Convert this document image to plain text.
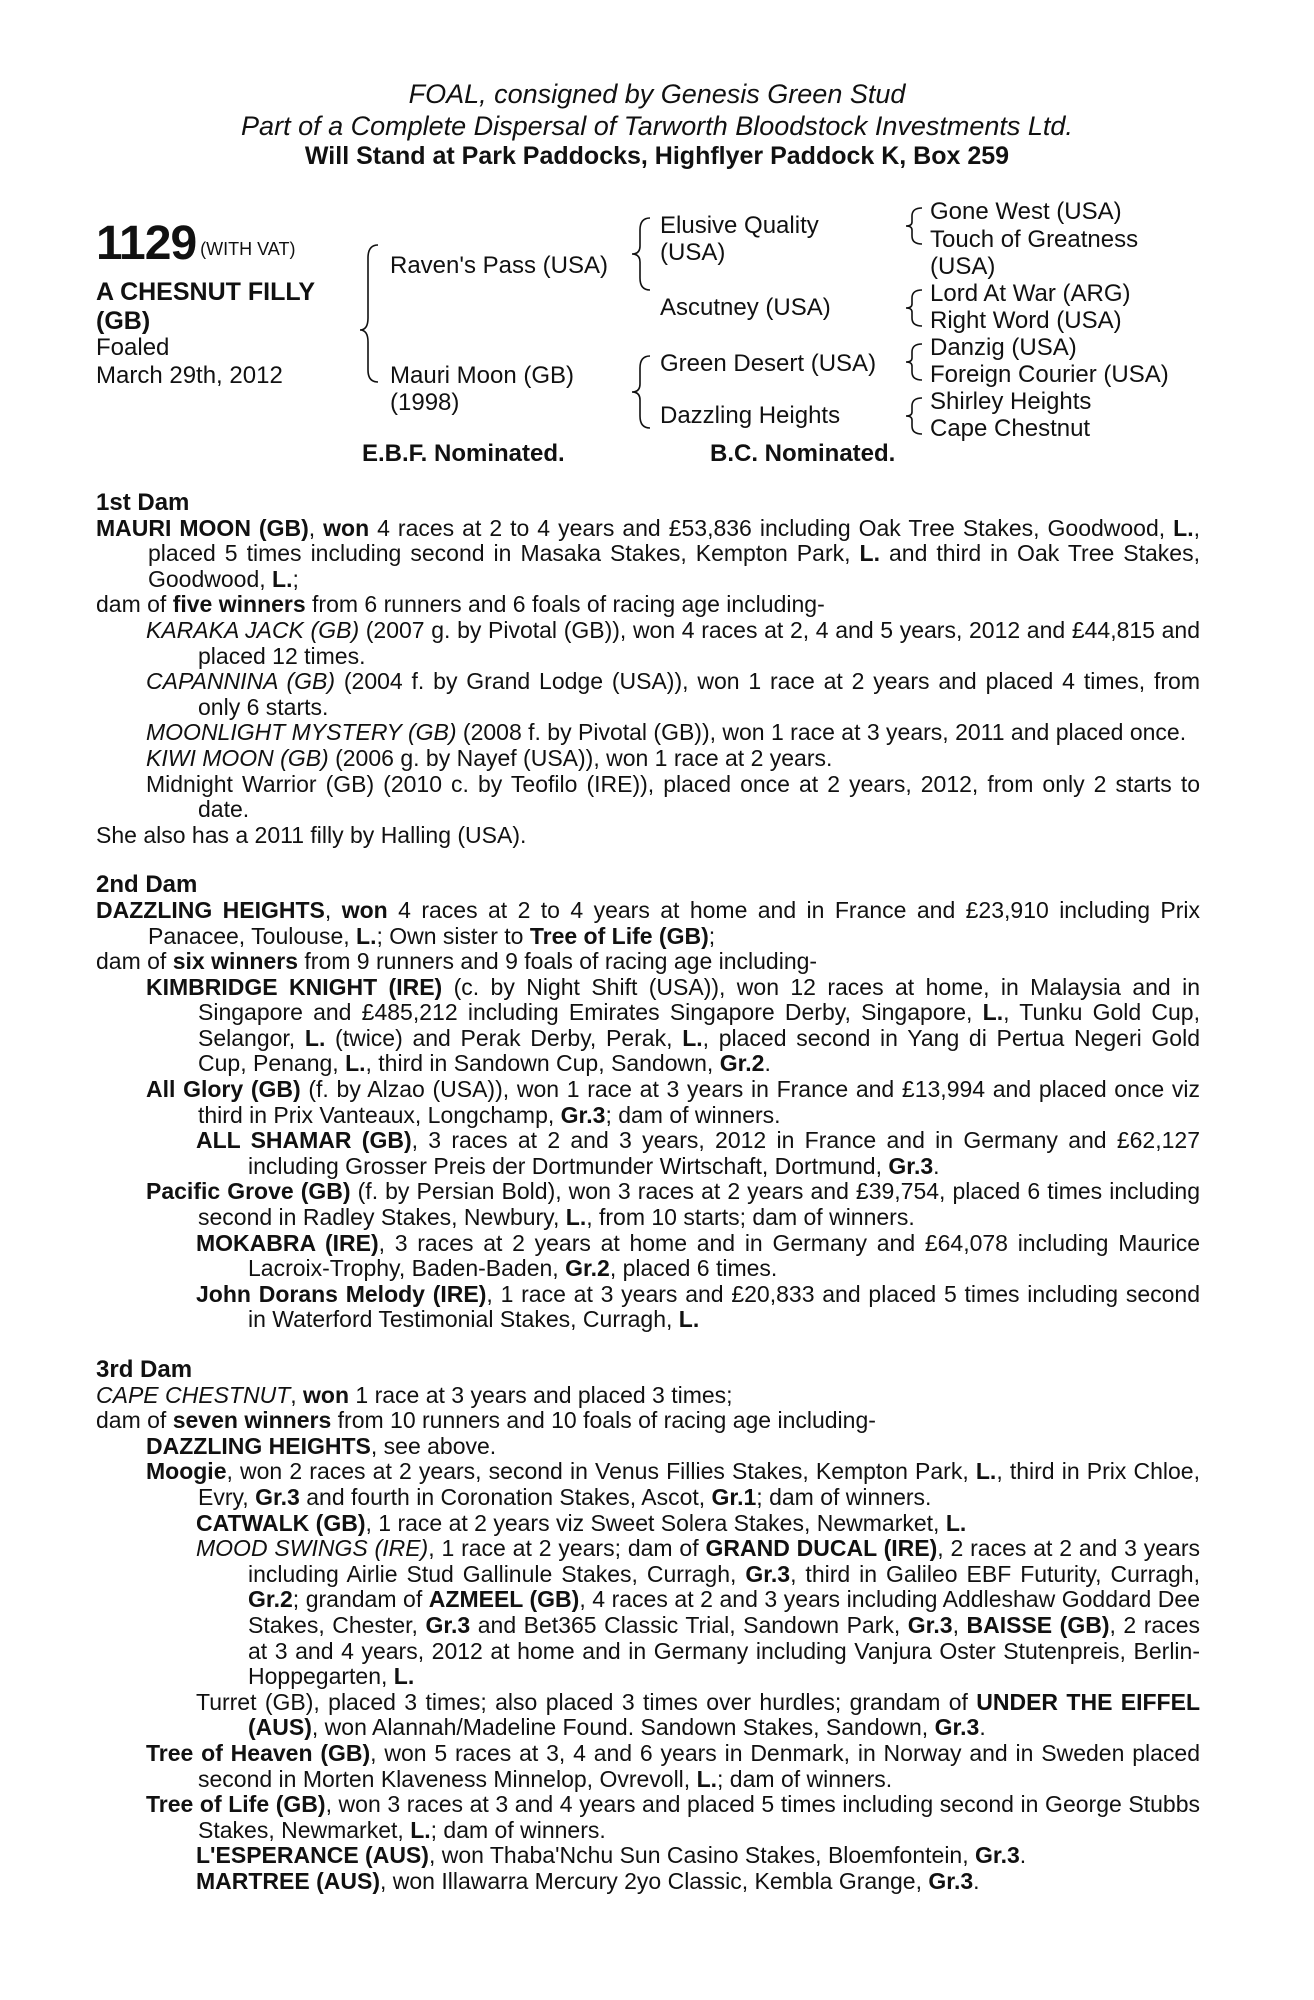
FOAL, consigned by Genesis Green Stud
Part of a Complete Dispersal of Tarworth Bloodstock Investments Ltd.
Will Stand at Park Paddocks, Highflyer Paddock K, Box 259
1129 (WITH VAT)
A CHESNUT FILLY
(GB)
Foaled
March 29th, 2012
Raven's Pass (USA)
Mauri Moon (GB)
(1998)
Elusive Quality
(USA)
Ascutney (USA)
Green Desert (USA)
Dazzling Heights
Gone West (USA)
Touch of Greatness
(USA)
Lord At War (ARG)
Right Word (USA)
Danzig (USA)
Foreign Courier (USA)
Shirley Heights
Cape Chestnut
E.B.F. Nominated.	B.C. Nominated.
1st Dam

MAURI MOON (GB), won 4 races at 2 to 4 years and £53,836 including Oak Tree Stakes, Goodwood, L., placed 5 times including second in Masaka Stakes, Kempton Park, L. and third in Oak Tree Stakes, Goodwood, L.;

dam of five winners from 6 runners and 6 foals of racing age including-

KARAKA JACK (GB) (2007 g. by Pivotal (GB)), won 4 races at 2, 4 and 5 years, 2012 and £44,815 and placed 12 times.

CAPANNINA (GB) (2004 f. by Grand Lodge (USA)), won 1 race at 2 years and placed 4 times, from only 6 starts.

MOONLIGHT MYSTERY (GB) (2008 f. by Pivotal (GB)), won 1 race at 3 years, 2011 and placed once.

KIWI MOON (GB) (2006 g. by Nayef (USA)), won 1 race at 2 years.

Midnight Warrior (GB) (2010 c. by Teofilo (IRE)), placed once at 2 years, 2012, from only 2 starts to date.

She also has a 2011 filly by Halling (USA).

2nd Dam

DAZZLING HEIGHTS, won 4 races at 2 to 4 years at home and in France and £23,910 including Prix Panacee, Toulouse, L.; Own sister to Tree of Life (GB);

dam of six winners from 9 runners and 9 foals of racing age including-

KIMBRIDGE KNIGHT (IRE) (c. by Night Shift (USA)), won 12 races at home, in Malaysia and in Singapore and £485,212 including Emirates Singapore Derby, Singapore, L., Tunku Gold Cup, Selangor, L. (twice) and Perak Derby, Perak, L., placed second in Yang di Pertua Negeri Gold Cup, Penang, L., third in Sandown Cup, Sandown, Gr.2.

All Glory (GB) (f. by Alzao (USA)), won 1 race at 3 years in France and £13,994 and placed once viz third in Prix Vanteaux, Longchamp, Gr.3; dam of winners.

ALL SHAMAR (GB), 3 races at 2 and 3 years, 2012 in France and in Germany and £62,127 including Grosser Preis der Dortmunder Wirtschaft, Dortmund, Gr.3.

Pacific Grove (GB) (f. by Persian Bold), won 3 races at 2 years and £39,754, placed 6 times including second in Radley Stakes, Newbury, L., from 10 starts; dam of winners.

MOKABRA (IRE), 3 races at 2 years at home and in Germany and £64,078 including Maurice Lacroix-Trophy, Baden-Baden, Gr.2, placed 6 times.

John Dorans Melody (IRE), 1 race at 3 years and £20,833 and placed 5 times including second in Waterford Testimonial Stakes, Curragh, L.

3rd Dam

CAPE CHESTNUT, won 1 race at 3 years and placed 3 times;

dam of seven winners from 10 runners and 10 foals of racing age including-

DAZZLING HEIGHTS, see above.

Moogie, won 2 races at 2 years, second in Venus Fillies Stakes, Kempton Park, L., third in Prix Chloe, Evry, Gr.3 and fourth in Coronation Stakes, Ascot, Gr.1; dam of winners.

CATWALK (GB), 1 race at 2 years viz Sweet Solera Stakes, Newmarket, L.

MOOD SWINGS (IRE), 1 race at 2 years; dam of GRAND DUCAL (IRE), 2 races at 2 and 3 years including Airlie Stud Gallinule Stakes, Curragh, Gr.3, third in Galileo EBF Futurity, Curragh, Gr.2; grandam of AZMEEL (GB), 4 races at 2 and 3 years including Addleshaw Goddard Dee Stakes, Chester, Gr.3 and Bet365 Classic Trial, Sandown Park, Gr.3, BAISSE (GB), 2 races at 3 and 4 years, 2012 at home and in Germany including Vanjura Oster Stutenpreis, Berlin-Hoppegarten, L.

Turret (GB), placed 3 times; also placed 3 times over hurdles; grandam of UNDER THE EIFFEL (AUS), won Alannah/Madeline Found. Sandown Stakes, Sandown, Gr.3.

Tree of Heaven (GB), won 5 races at 3, 4 and 6 years in Denmark, in Norway and in Sweden placed second in Morten Klaveness Minnelop, Ovrevoll, L.; dam of winners.

Tree of Life (GB), won 3 races at 3 and 4 years and placed 5 times including second in George Stubbs Stakes, Newmarket, L.; dam of winners.

L'ESPERANCE (AUS), won Thaba'Nchu Sun Casino Stakes, Bloemfontein, Gr.3.

MARTREE (AUS), won Illawarra Mercury 2yo Classic, Kembla Grange, Gr.3.
